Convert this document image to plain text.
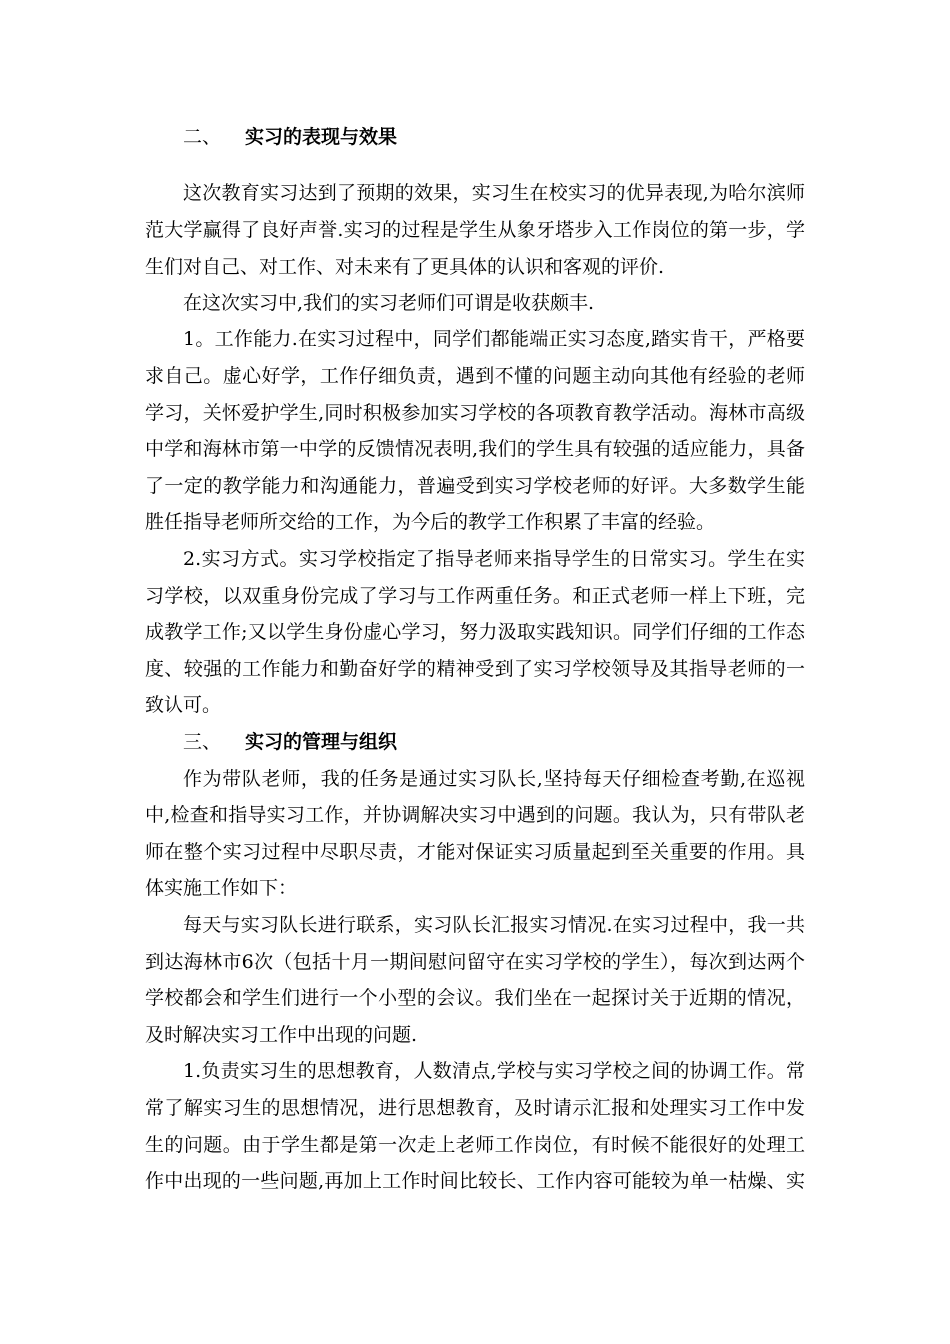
二、 实习的表现与效果
这次教育实习达到了预期的效果，实习生在校实习的优异表现,为哈尔滨师
范大学赢得了良好声誉.实习的过程是学生从象牙塔步入工作岗位的第一步，学
生们对自己、对工作、对未来有了更具体的认识和客观的评价.
在这次实习中,我们的实习老师们可谓是收获颇丰.
1。工作能力.在实习过程中，同学们都能端正实习态度,踏实肯干，严格要
求自己。虚心好学，工作仔细负责，遇到不懂的问题主动向其他有经验的老师
学习，关怀爱护学生,同时积极参加实习学校的各项教育教学活动。海林市高级
中学和海林市第一中学的反馈情况表明,我们的学生具有较强的适应能力，具备
了一定的教学能力和沟通能力，普遍受到实习学校老师的好评。大多数学生能
胜任指导老师所交给的工作，为今后的教学工作积累了丰富的经验。
2.实习方式。实习学校指定了指导老师来指导学生的日常实习。学生在实
习学校，以双重身份完成了学习与工作两重任务。和正式老师一样上下班，完
成教学工作;又以学生身份虚心学习，努力汲取实践知识。同学们仔细的工作态
度、较强的工作能力和勤奋好学的精神受到了实习学校领导及其指导老师的一
致认可。
三、 实习的管理与组织
作为带队老师，我的任务是通过实习队长,坚持每天仔细检查考勤,在巡视
中,检查和指导实习工作，并协调解决实习中遇到的问题。我认为，只有带队老
师在整个实习过程中尽职尽责，才能对保证实习质量起到至关重要的作用。具
体实施工作如下：
每天与实习队长进行联系，实习队长汇报实习情况.在实习过程中，我一共
到达海林市6次（包括十月一期间慰问留守在实习学校的学生），每次到达两个
学校都会和学生们进行一个小型的会议。我们坐在一起探讨关于近期的情况，
及时解决实习工作中出现的问题.
1.负责实习生的思想教育，人数清点,学校与实习学校之间的协调工作。常
常了解实习生的思想情况，进行思想教育，及时请示汇报和处理实习工作中发
生的问题。由于学生都是第一次走上老师工作岗位，有时候不能很好的处理工
作中出现的一些问题,再加上工作时间比较长、工作内容可能较为单一枯燥、实
